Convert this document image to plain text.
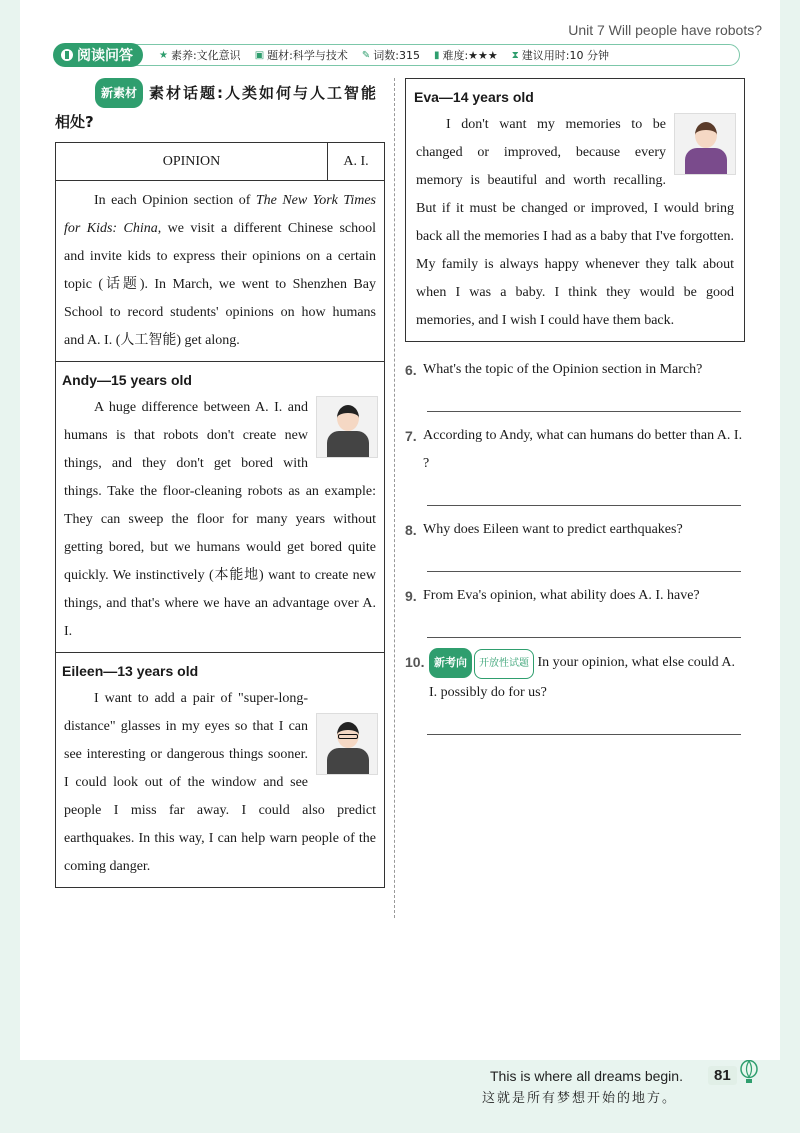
Unit 7 Will people have robots?
阅读问答	★ 素养:文化意识 ▣ 题材:科学与技术 ✎ 词数:315 ▮ 难度:★★★ ⧗ 建议用时:10 分钟
新素材 素材话题:人类如何与人工智能
相处?
OPINION	A. I.
In each Opinion section of The New York Times for Kids: China, we visit a different Chinese school and invite kids to express their opinions on a certain topic (话题). In March, we went to Shenzhen Bay School to record students' opinions on how humans and A. I. (人工智能) get along.
Andy—15 years old
A huge difference between A. I. and humans is that robots don't create new things, and they don't get bored with things. Take the floor-cleaning robots as an example: They can sweep the floor for many years without getting bored, but we humans would get bored quite quickly. We instinctively (本能地) want to create new things, and that's where we have an advantage over A. I.
Eileen—13 years old
I want to add a pair of "super-long-distance" glasses in my eyes so that I can see interesting or dangerous things sooner. I could look out of the window and see people I miss far away. I could also predict earthquakes. In this way, I can help warn people of the coming danger.
Eva—14 years old
I don't want my memories to be changed or improved, because every memory is beautiful and worth recalling. But if it must be changed or improved, I would bring back all the memories I had as a baby that I've forgotten. My family is always happy whenever they talk about when I was a baby. I think they would be good memories, and I wish I could have them back.
6. What's the topic of the Opinion section in March?
7. According to Andy, what can humans do better than A. I. ?
8. Why does Eileen want to predict earthquakes?
9. From Eva's opinion, what ability does A. I. have?
10. 新考向 开放性试题 In your opinion, what else could A. I. possibly do for us?
This is where all dreams begin.
这就是所有梦想开始的地方。
81
